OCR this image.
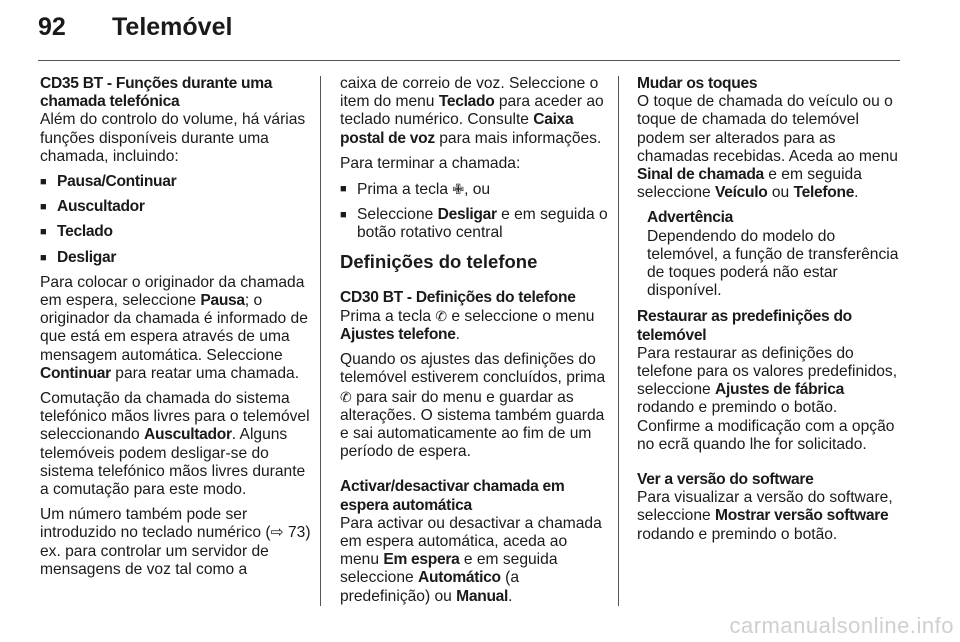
92 Telemóvel

CD35 BT - Funções durante uma chamada telefónica

Além do controlo do volume, há várias funções disponíveis durante uma chamada, incluindo:

■ Pausa/Continuar
■ Auscultador
■ Teclado
■ Desligar

Para colocar o originador da chamada em espera, seleccione Pausa; o originador da chamada é informado de que está em espera através de uma mensagem automática. Seleccione Continuar para reatar uma chamada.

Comutação da chamada do sistema telefónico mãos livres para o telemóvel seleccionando Auscultador. Alguns telemóveis podem desligar-se do sistema telefónico mãos livres durante a comutação para este modo.

Um número também pode ser introduzido no teclado numérico (⇨ 73) ex. para controlar um servidor de mensagens de voz tal como a

caixa de correio de voz. Seleccione o item do menu Teclado para aceder ao teclado numérico. Consulte Caixa postal de voz para mais informações.

Para terminar a chamada:

■ Prima a tecla ✙, ou
■ Seleccione Desligar e em seguida o botão rotativo central

Definições do telefone

CD30 BT - Definições do telefone

Prima a tecla ✆ e seleccione o menu Ajustes telefone.

Quando os ajustes das definições do telemóvel estiverem concluídos, prima ✆ para sair do menu e guardar as alterações. O sistema também guarda e sai automaticamente ao fim de um período de espera.

Activar/desactivar chamada em espera automática

Para activar ou desactivar a chamada em espera automática, aceda ao menu Em espera e em seguida seleccione Automático (a predefinição) ou Manual.

Mudar os toques

O toque de chamada do veículo ou o toque de chamada do telemóvel podem ser alterados para as chamadas recebidas. Aceda ao menu Sinal de chamada e em seguida seleccione Veículo ou Telefone.

Advertência

Dependendo do modelo do telemóvel, a função de transferência de toques poderá não estar disponível.

Restaurar as predefinições do telemóvel

Para restaurar as definições do telefone para os valores predefinidos, seleccione Ajustes de fábrica rodando e premindo o botão.

Confirme a modificação com a opção no ecrã quando lhe for solicitado.

Ver a versão do software

Para visualizar a versão do software, seleccione Mostrar versão software rodando e premindo o botão.

carmanualsonline.info
